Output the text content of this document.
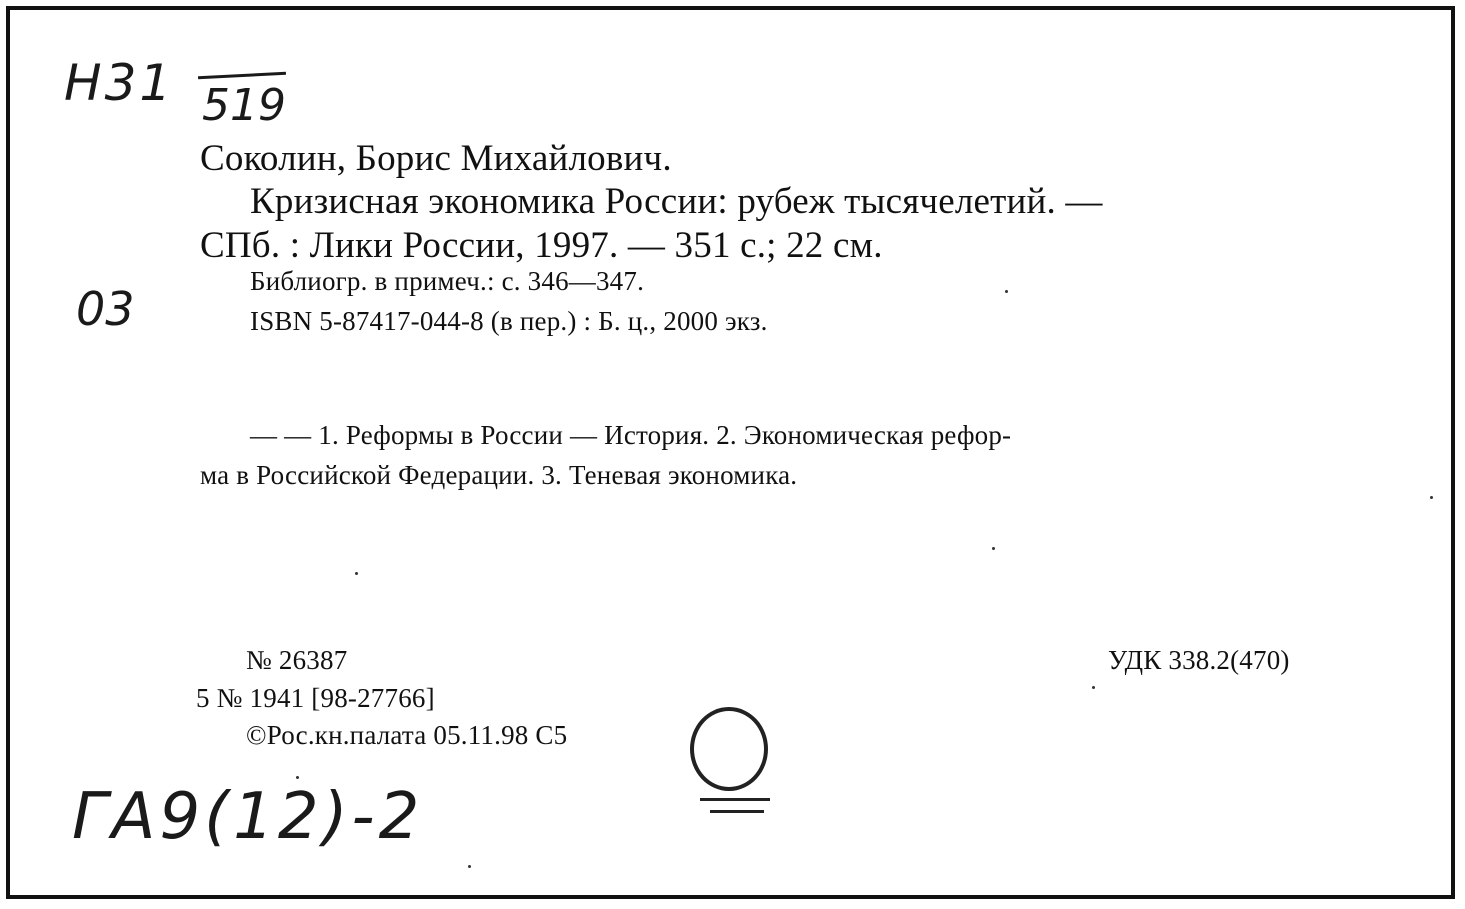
Н31 519
03
Соколин, Борис Михайлович.
Кризисная экономика России: рубеж тысячелетий. —
СПб. : Лики России, 1997. — 351 с.; 22 см.
Библиогр. в примеч.: с. 346—347.
ISBN 5-87417-044-8 (в пер.) : Б. ц., 2000 экз.
— — 1. Реформы в России — История. 2. Экономическая рефор-
ма в Российской Федерации. 3. Теневая экономика.
№ 26387
5 № 1941 [98-27766]
©Рос.кн.палата 05.11.98 С5
УДК 338.2(470)
ГА9(12)-2
